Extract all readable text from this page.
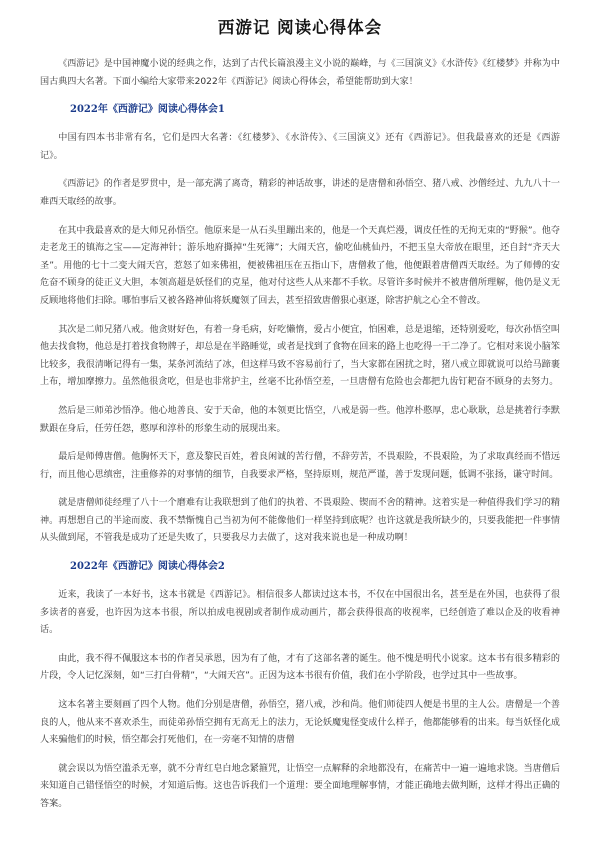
西游记 阅读心得体会

《西游记》是中国神魔小说的经典之作，达到了古代长篇浪漫主义小说的巅峰，与《三国演义》《水浒传》《红楼梦》并称为中国古典四大名著。下面小编给大家带来2022年《西游记》阅读心得体会，希望能帮助到大家！

2022年《西游记》阅读心得体会1

中国有四本书非常有名，它们是四大名著：《红楼梦》、《水浒传》、《三国演义》还有《西游记》。但我最喜欢的还是《西游记》。

《西游记》的作者是罗贯中，是一部充满了离奇，精彩的神话故事，讲述的是唐僧和孙悟空、猪八戒、沙僧经过、九九八十一难西天取经的故事。

在其中我最喜欢的是大师兄孙悟空。他原来是一从石头里蹦出来的，他是一个天真烂漫，调皮任性的无拘无束的“野猴”。他夺走老龙王的镇海之宝——定海神针；游乐地府撕掉“生死簿”；大闹天宫，偷吃仙桃仙丹，不把玉皇大帝放在眼里，还自封“齐天大圣”。用他的七十二变大闹天宫，惹怒了如来佛祖，便被佛祖压在五指山下，唐僧救了他，他便跟着唐僧西天取经。为了师傅的安危奋不顾身的徒正义大胆，本领高超是妖怪们的克星，他对付这些人从来都不手软。尽管许多时候并不被唐僧所理解，他仍是义无反顾地将他们扫除。哪怕事后又被各路神仙将妖魔领了回去，甚至招致唐僧狠心驱逐，除害护航之心全不曾改。

其次是二师兄猪八戒。他贪财好色，有着一身毛病，好吃懒惰，爱占小便宜，怕困难，总是退缩，还特别爱吃，每次孙悟空叫他去找食物，他总是打着找食物牌子，却总是在半路睡觉，或者是找到了食物在回来的路上也吃得一干二净了。它相对来说小脑笨比较多，我很清晰记得有一集，某条河流结了冰，但这样马致不容易前行了，当大家都在困扰之时，猪八戒立即就说可以给马蹄裹上布，增加摩擦力。虽然他很贪吃，但是也非常护主，丝毫不比孙悟空差，一旦唐僧有危险也会都把九齿钉耙奋不顾身的去努力。

然后是三师弟沙悟净。他心地善良、安于天命，他的本领更比悟空，八戒是弱一些。他淳朴憨厚，忠心耿耿，总是挑着行李默默跟在身后，任劳任怨，憨厚和淳朴的形象生动的展现出来。

最后是师傅唐僧。他胸怀天下，意及黎民百姓，着良闲诚的苦行僧，不辞劳苦，不畏艰险，不畏艰险，为了求取真经而不惜远行，而且他心思缜密，注重修养的对事情的细节，自我要求严格，坚持原则，规范严谨，善于发现问题，低调不张扬，谦守时间。

就是唐僧师徒经理了八十一个磨难有让我联想到了他们的执着、不畏艰险、锲而不舍的精神。这着实是一种值得我们学习的精神。再想想自己的半途而废、我不禁惭愧自己当初为何不能像他们一样坚持到底呢？也许这就是我所缺少的，只要我能把一件事情从头做到尾，不管我是成功了还是失败了，只要我尽力去做了，这对我来说也是一种成功啊！

2022年《西游记》阅读心得体会2

近来，我读了一本好书，这本书就是《西游记》。相信很多人都读过这本书，不仅在中国很出名，甚至是在外国，也获得了很多读者的喜爱，也许因为这本书很，所以拍成电视剧或者制作成动画片，都会获得很高的收视率，已经创造了难以企及的收看神话。

由此，我不得不佩服这本书的作者吴承恩，因为有了他，才有了这部名著的诞生。他不愧是明代小说家。这本书有很多精彩的片段，令人记忆深刻，如“三打白骨精”，“大闹天宫”。正因为这本书很有价值，我们在小学阶段，也学过其中一些故事。

这本名著主要刻画了四个人物。他们分别是唐僧，孙悟空，猪八戒，沙和尚。他们师徒四人便是书里的主人公。唐僧是一个善良的人，他从来不喜欢杀生，而徒弟孙悟空拥有无高无上的法力，无论妖魔鬼怪变成什么样子，他都能够看的出来。每当妖怪化成人来骗他们的时候，悟空都会打死他们，在一旁毫不知情的唐僧

就会误以为悟空滥杀无辜，就不分青红皂白地念紧箍咒，让悟空一点解释的余地都没有，在痛苦中一遍一遍地求饶。当唐僧后来知道自己错怪悟空的时候，才知道后悔。这也告诉我们一个道理：要全面地理解事情，才能正确地去做判断，这样才得出正确的答案。
